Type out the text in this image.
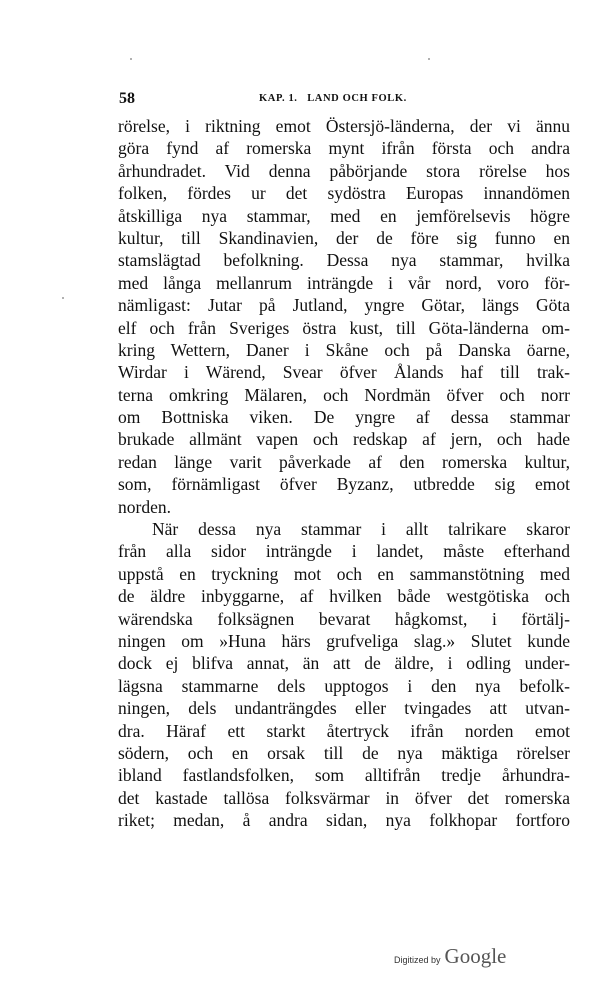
58	KAP. 1.   LAND OCH FOLK.
rörelse, i riktning emot Östersjö-länderna, der vi ännu
göra fynd af romerska mynt ifrån första och andra
århundradet. Vid denna påbörjande stora rörelse hos
folken, fördes ur det sydöstra Europas innandömen
åtskilliga nya stammar, med en jemförelsevis högre
kultur, till Skandinavien, der de före sig funno en
stamslägtad befolkning. Dessa nya stammar, hvilka
med långa mellanrum inträngde i vår nord, voro för-
nämligast: Jutar på Jutland, yngre Götar, längs Göta
elf och från Sveriges östra kust, till Göta-länderna om-
kring Wettern, Daner i Skåne och på Danska öarne,
Wirdar i Wärend, Svear öfver Ålands haf till trak-
terna omkring Mälaren, och Nordmän öfver och norr
om Bottniska viken. De yngre af dessa stammar
brukade allmänt vapen och redskap af jern, och hade
redan länge varit påverkade af den romerska kultur,
som, förnämligast öfver Byzanz, utbredde sig emot
norden.
När dessa nya stammar i allt talrikare skaror
från alla sidor inträngde i landet, måste efterhand
uppstå en tryckning mot och en sammanstötning med
de äldre inbyggarne, af hvilken både westgötiska och
wärendska folksägnen bevarat hågkomst, i förtälj-
ningen om »Huna härs grufveliga slag.» Slutet kunde
dock ej blifva annat, än att de äldre, i odling under-
lägsna stammarne dels upptogos i den nya befolk-
ningen, dels undanträngdes eller tvingades att utvan-
dra. Häraf ett starkt återtryck ifrån norden emot
södern, och en orsak till de nya mäktiga rörelser
ibland fastlandsfolken, som alltifrån tredje århundra-
det kastade tallösa folksvärmar in öfver det romerska
riket; medan, å andra sidan, nya folkhopar fortforo
Digitized by Google
